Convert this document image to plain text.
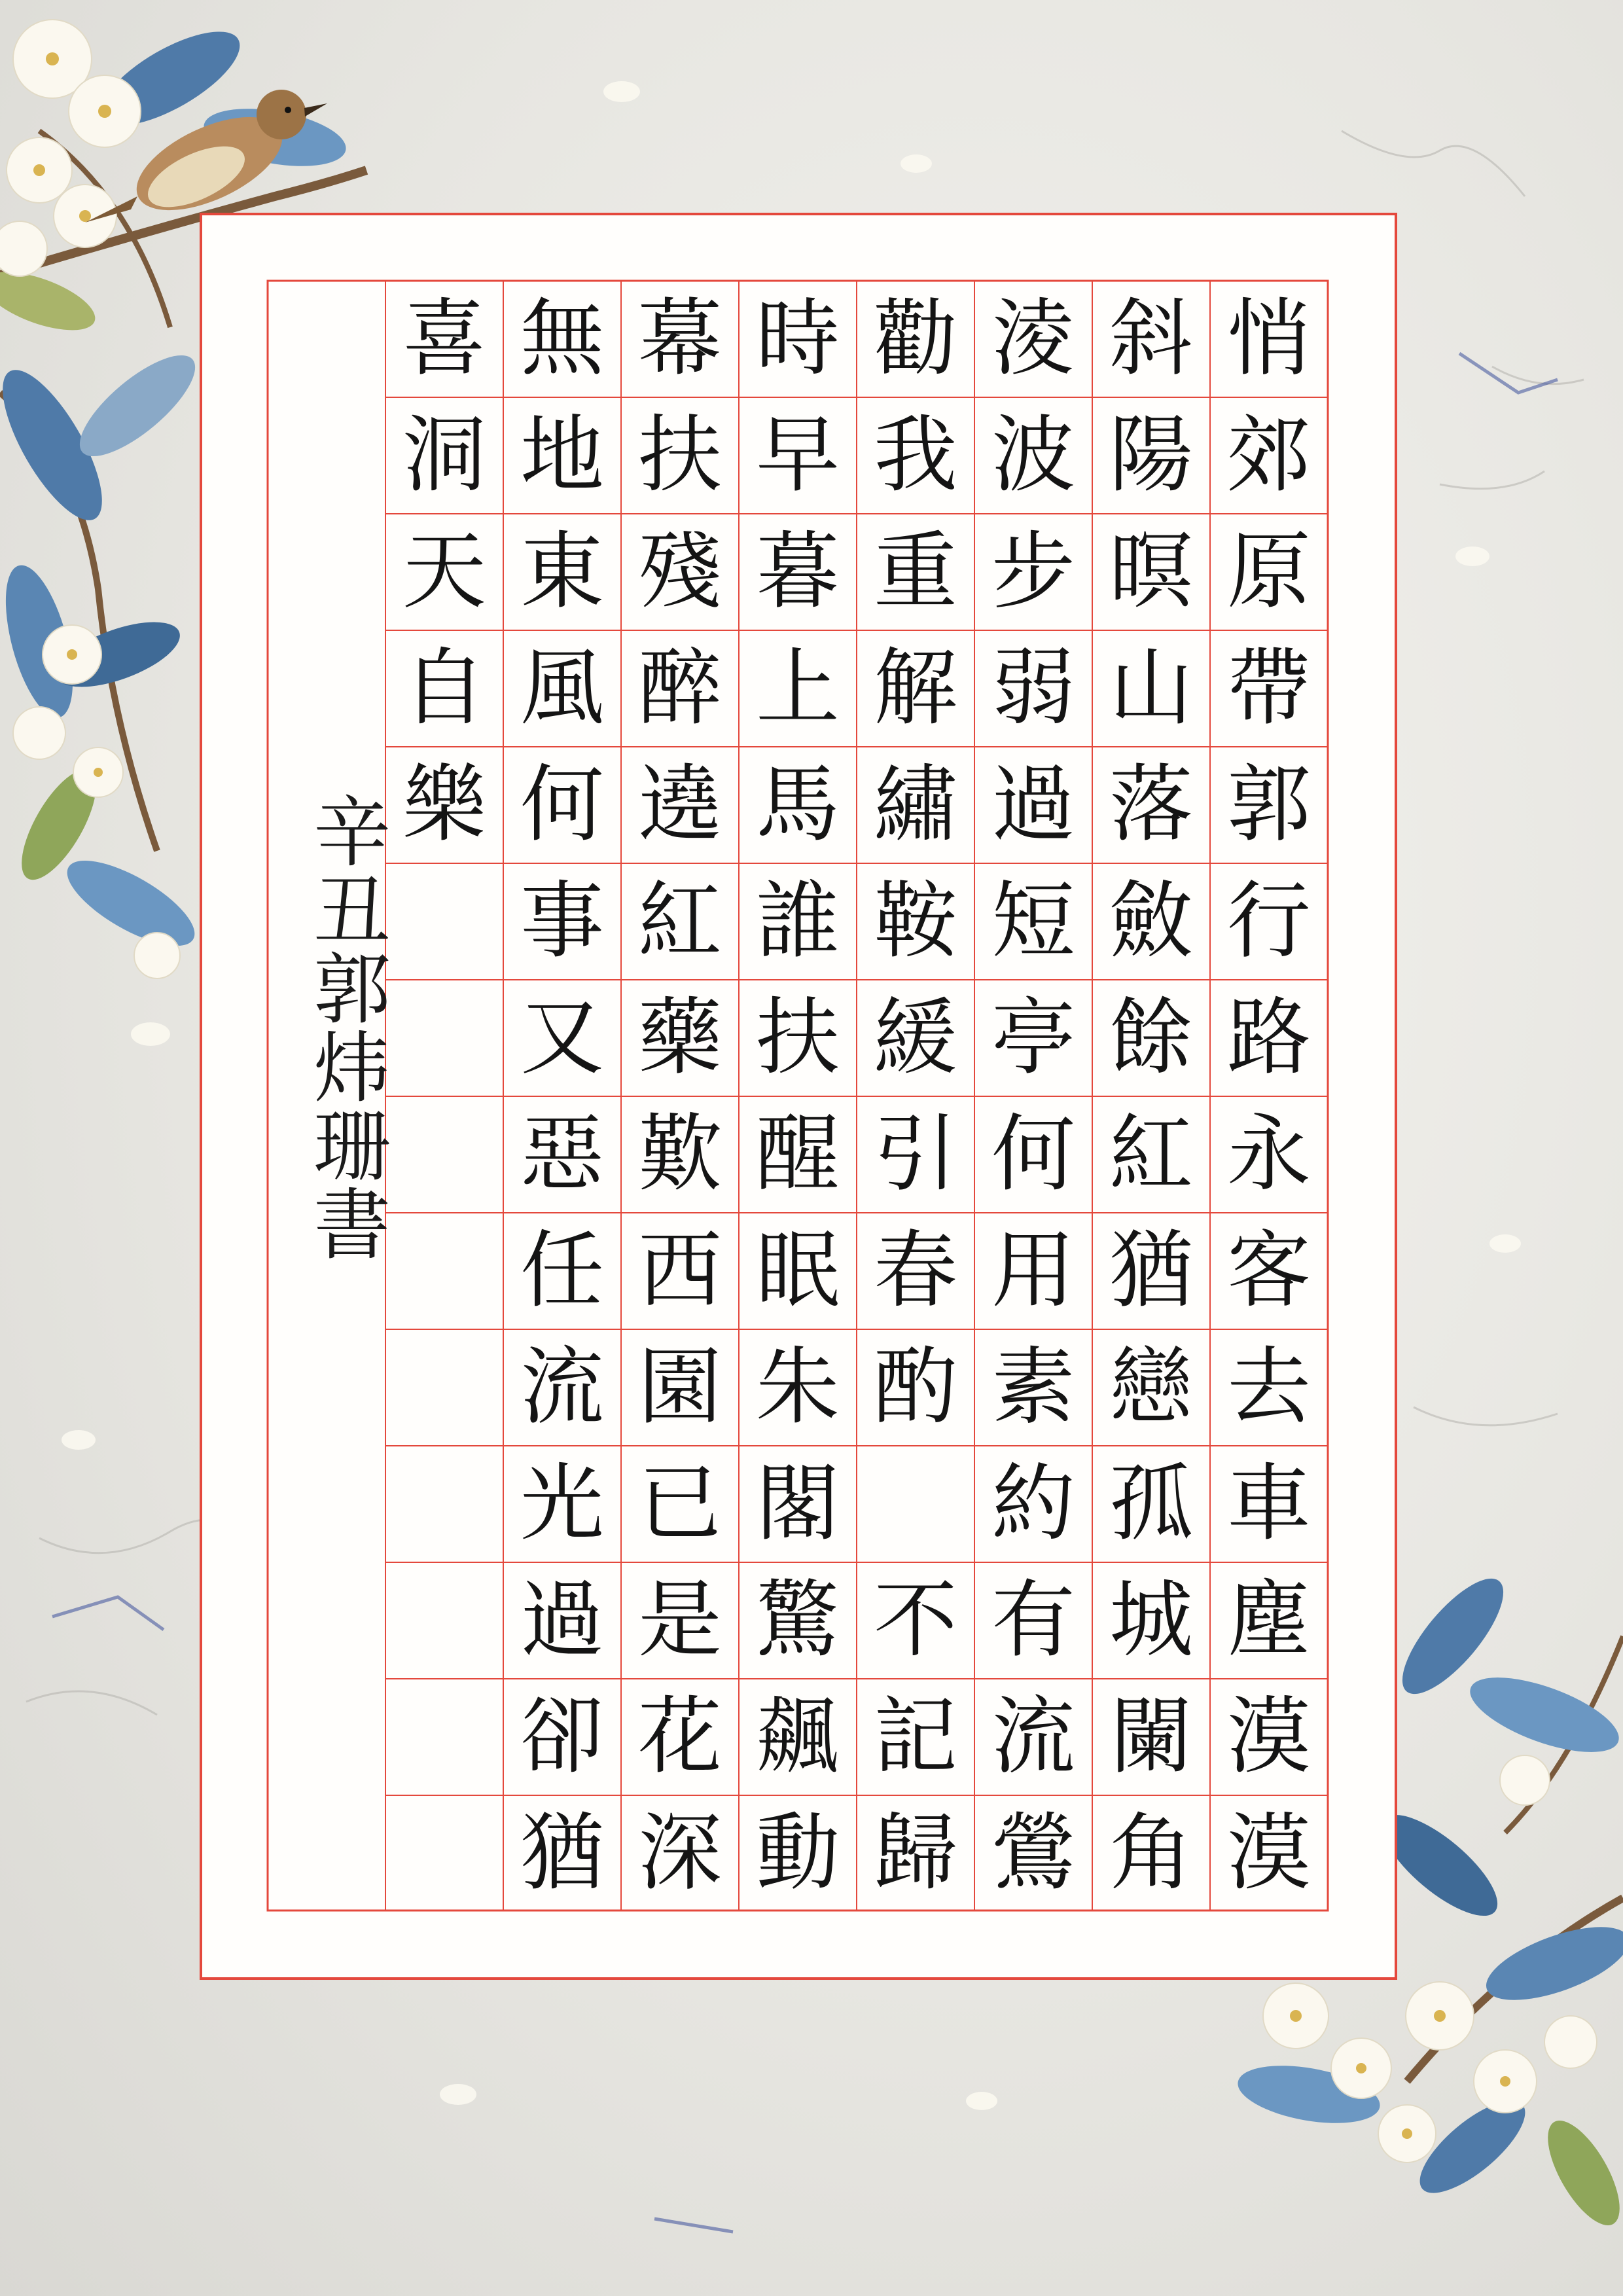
辛丑郭炜珊書
悄
郊
原
帶
郭
行
路
永
客
去
車
塵
漠
漠
斜
陽
暝
山
落
斂
餘
紅
猶
戀
孤
城
闌
角
淩
波
步
弱
過
短
亭
何
用
素
約
有
流
鶯
勸
我
重
解
繡
鞍
緩
引
春
酌
不
記
歸
時
早
暮
上
馬
誰
扶
醒
眠
朱
閣
驚
飆
動
幕
扶
殘
醉
遶
紅
藥
歎
西
園
已
是
花
深
無
地
東
風
何
事
又
惡
任
流
光
過
卻
猶
喜
洞
天
自
樂
